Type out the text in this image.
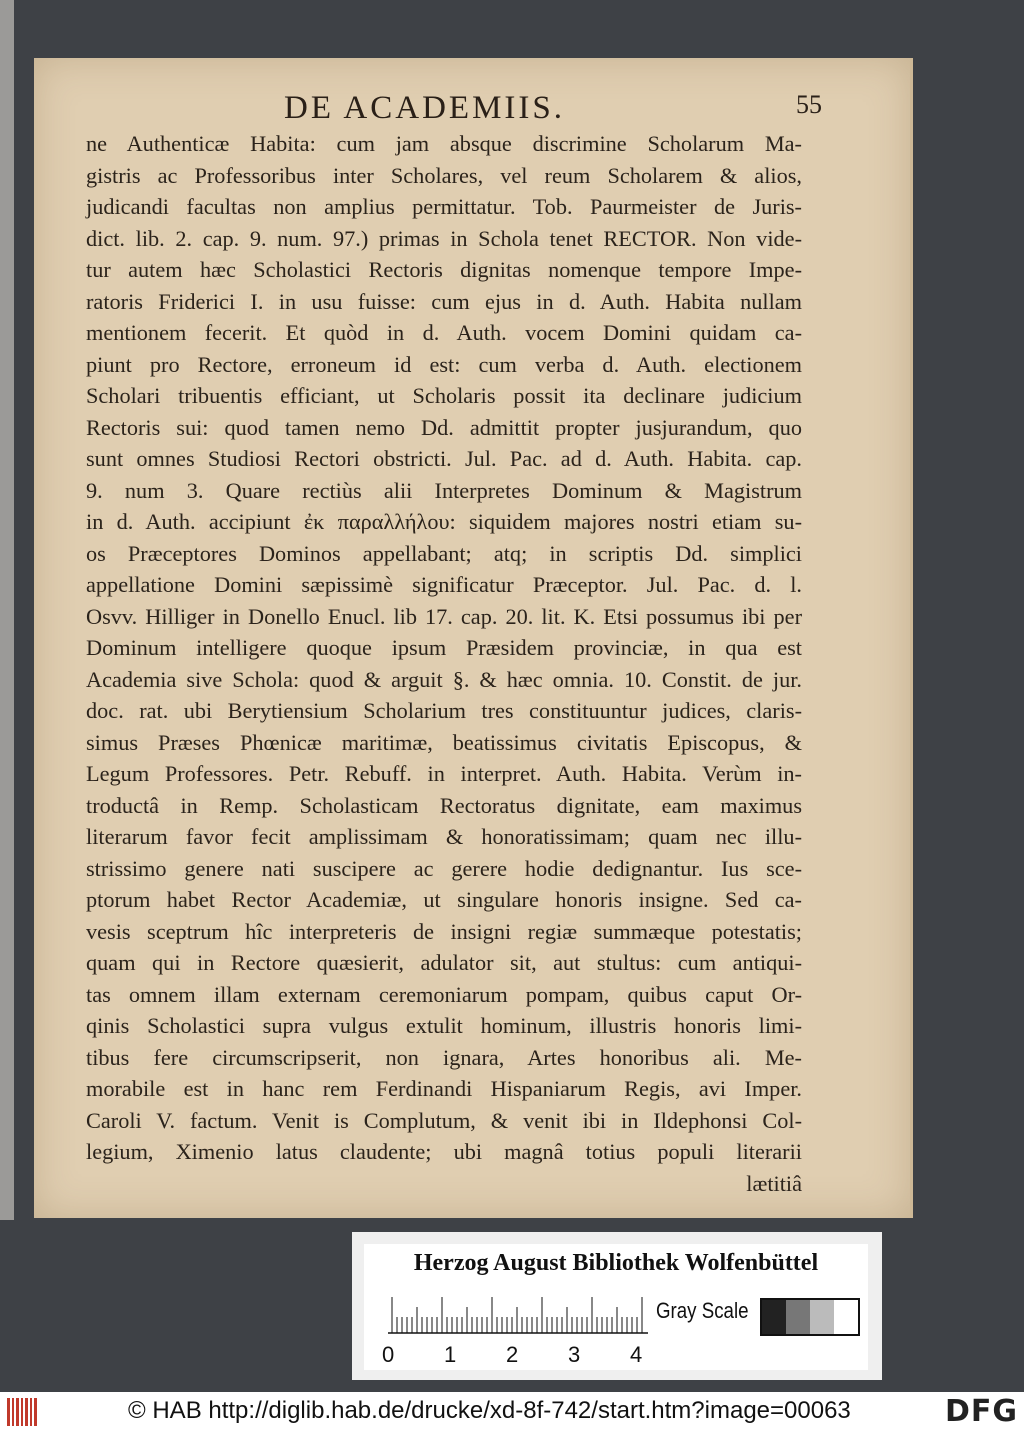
DE ACADEMIIS.	55
ne Authenticæ Habita: cum jam absque discrimine Scholarum Ma-
gistris ac Professoribus inter Scholares, vel reum Scholarem & alios,
judicandi facultas non amplius permittatur. Tob. Paurmeister de Juris-
dict. lib. 2. cap. 9. num. 97.) primas in Schola tenet RECTOR. Non vide-
tur autem hæc Scholastici Rectoris dignitas nomenque tempore Impe-
ratoris Friderici I. in usu fuisse: cum ejus in d. Auth. Habita nullam
mentionem fecerit. Et quòd in d. Auth. vocem Domini quidam ca-
piunt pro Rectore, erroneum id est: cum verba d. Auth. electionem
Scholari tribuentis efficiant, ut Scholaris possit ita declinare judicium
Rectoris sui: quod tamen nemo Dd. admittit propter jusjurandum, quo
sunt omnes Studiosi Rectori obstricti. Jul. Pac. ad d. Auth. Habita. cap.
9. num 3. Quare rectiùs alii Interpretes Dominum & Magistrum
in d. Auth. accipiunt ἐκ παραλλήλου: siquidem majores nostri etiam su-
os Præceptores Dominos appellabant; atq; in scriptis Dd. simplici
appellatione Domini sæpissimè significatur Præceptor. Jul. Pac. d. l.
Osvv. Hilliger in Donello Enucl. lib 17. cap. 20. lit. K. Etsi possumus ibi per
Dominum intelligere quoque ipsum Præsidem provinciæ, in qua est
Academia sive Schola: quod & arguit §. & hæc omnia. 10. Constit. de jur.
doc. rat. ubi Berytiensium Scholarium tres constituuntur judices, claris-
simus Præses Phœnicæ maritimæ, beatissimus civitatis Episcopus, &
Legum Professores. Petr. Rebuff. in interpret. Auth. Habita. Verùm in-
troductâ in Remp. Scholasticam Rectoratus dignitate, eam maximus
literarum favor fecit amplissimam & honoratissimam; quam nec illu-
strissimo genere nati suscipere ac gerere hodie dedignantur. Ius sce-
ptorum habet Rector Academiæ, ut singulare honoris insigne. Sed ca-
vesis sceptrum hîc interpreteris de insigni regiæ summæque potestatis;
quam qui in Rectore quæsierit, adulator sit, aut stultus: cum antiqui-
tas omnem illam externam ceremoniarum pompam, quibus caput Or-
qinis Scholastici supra vulgus extulit hominum, illustris honoris limi-
tibus fere circumscripserit, non ignara, Artes honoribus ali. Me-
morabile est in hanc rem Ferdinandi Hispaniarum Regis, avi Imper.
Caroli V. factum. Venit is Complutum, & venit ibi in Ildephonsi Col-
legium, Ximenio latus claudente; ubi magnâ totius populi literarii
lætitiâ
Herzog August Bibliothek Wolfenbüttel
0 1 2 3 4
Gray Scale
© HAB http://diglib.hab.de/drucke/xd-8f-742/start.htm?image=00063	DFG
